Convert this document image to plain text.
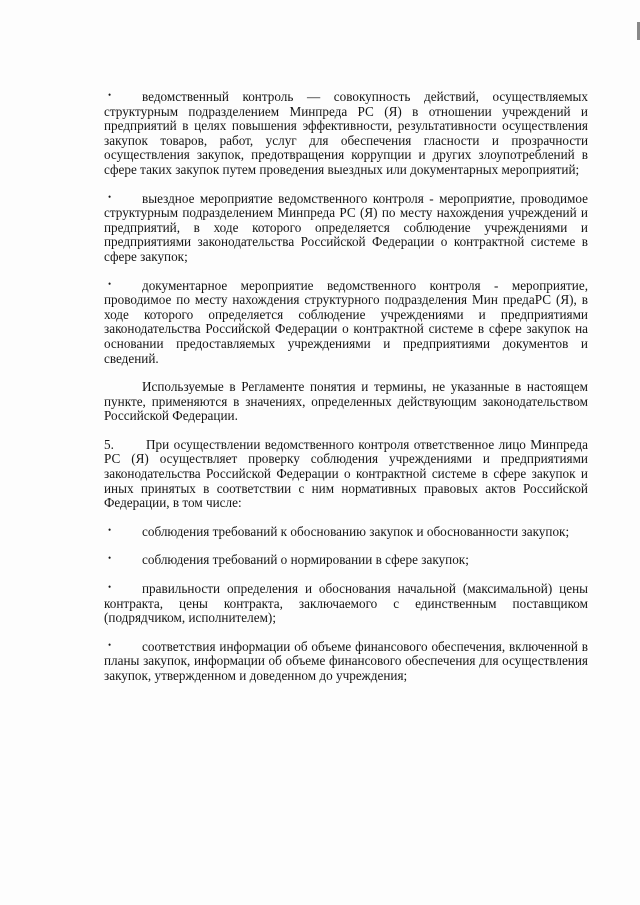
• ведомственный контроль — совокупность действий, осуществляемых структурным подразделением Минпреда РС (Я) в отношении учреждений и предприятий в целях повышения эффективности, результативности осуществления закупок товаров, работ, услуг для обеспечения гласности и прозрачности осуществления закупок, предотвращения коррупции и других злоупотреблений в сфере таких закупок путем проведения выездных или документарных мероприятий;

• выездное мероприятие ведомственного контроля - мероприятие, проводимое структурным подразделением Минпреда РС (Я) по месту нахождения учреждений и предприятий, в ходе которого определяется соблюдение учреждениями и предприятиями законодательства Российской Федерации о контрактной системе в сфере закупок;

• документарное мероприятие ведомственного контроля - мероприятие, проводимое по месту нахождения структурного подразделения Мин предаРС (Я), в ходе которого определяется соблюдение учреждениями и предприятиями законодательства Российской Федерации о контрактной системе в сфере закупок на основании предоставляемых учреждениями и предприятиями документов и сведений.

Используемые в Регламенте понятия и термины, не указанные в настоящем пункте, применяются в значениях, определенных действующим законодательством Российской Федерации.

5. При осуществлении ведомственного контроля ответственное лицо Минпреда РС (Я) осуществляет проверку соблюдения учреждениями и предприятиями законодательства Российской Федерации о контрактной системе в сфере закупок и иных принятых в соответствии с ним нормативных правовых актов Российской Федерации, в том числе:

• соблюдения требований к обоснованию закупок и обоснованности закупок;

• соблюдения требований о нормировании в сфере закупок;

• правильности определения и обоснования начальной (максимальной) цены контракта, цены контракта, заключаемого с единственным поставщиком (подрядчиком, исполнителем);

• соответствия информации об объеме финансового обеспечения, включенной в планы закупок, информации об объеме финансового обеспечения для осуществления закупок, утвержденном и доведенном до учреждения;
